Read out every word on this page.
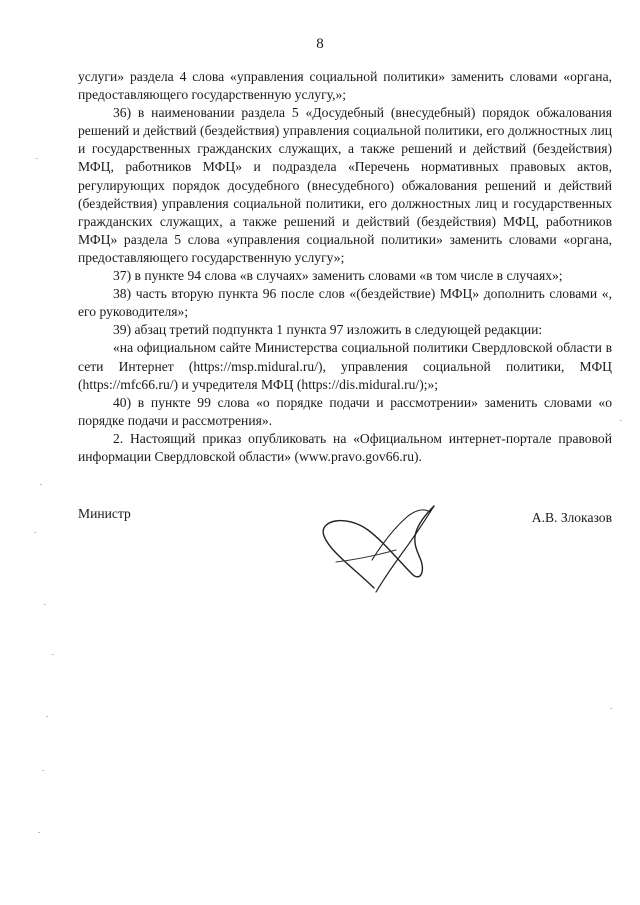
8

услуги» раздела 4 слова «управления социальной политики» заменить словами «органа, предоставляющего государственную услугу,»;

36) в наименовании раздела 5 «Досудебный (внесудебный) порядок обжалования решений и действий (бездействия) управления социальной политики, его должностных лиц и государственных гражданских служащих, а также решений и действий (бездействия) МФЦ, работников МФЦ» и подраздела «Перечень нормативных правовых актов, регулирующих порядок досудебного (внесудебного) обжалования решений и действий (бездействия) управления социальной политики, его должностных лиц и государственных гражданских служащих, а также решений и действий (бездействия) МФЦ, работников МФЦ» раздела 5 слова «управления социальной политики» заменить словами «органа, предоставляющего государственную услугу»;

37) в пункте 94 слова «в случаях» заменить словами «в том числе в случаях»;

38) часть вторую пункта 96 после слов «(бездействие) МФЦ» дополнить словами «, его руководителя»;

39) абзац третий подпункта 1 пункта 97 изложить в следующей редакции:

«на официальном сайте Министерства социальной политики Свердловской области в сети Интернет (https://msp.midural.ru/), управления социальной политики, МФЦ (https://mfc66.ru/) и учредителя МФЦ (https://dis.midural.ru/);»;

40) в пункте 99 слова «о порядке подачи и рассмотрении» заменить словами «о порядке подачи и рассмотрения».

2. Настоящий приказ опубликовать на «Официальном интернет-портале правовой информации Свердловской области» (www.pravo.gov66.ru).

Министр	А.В. Злоказов
